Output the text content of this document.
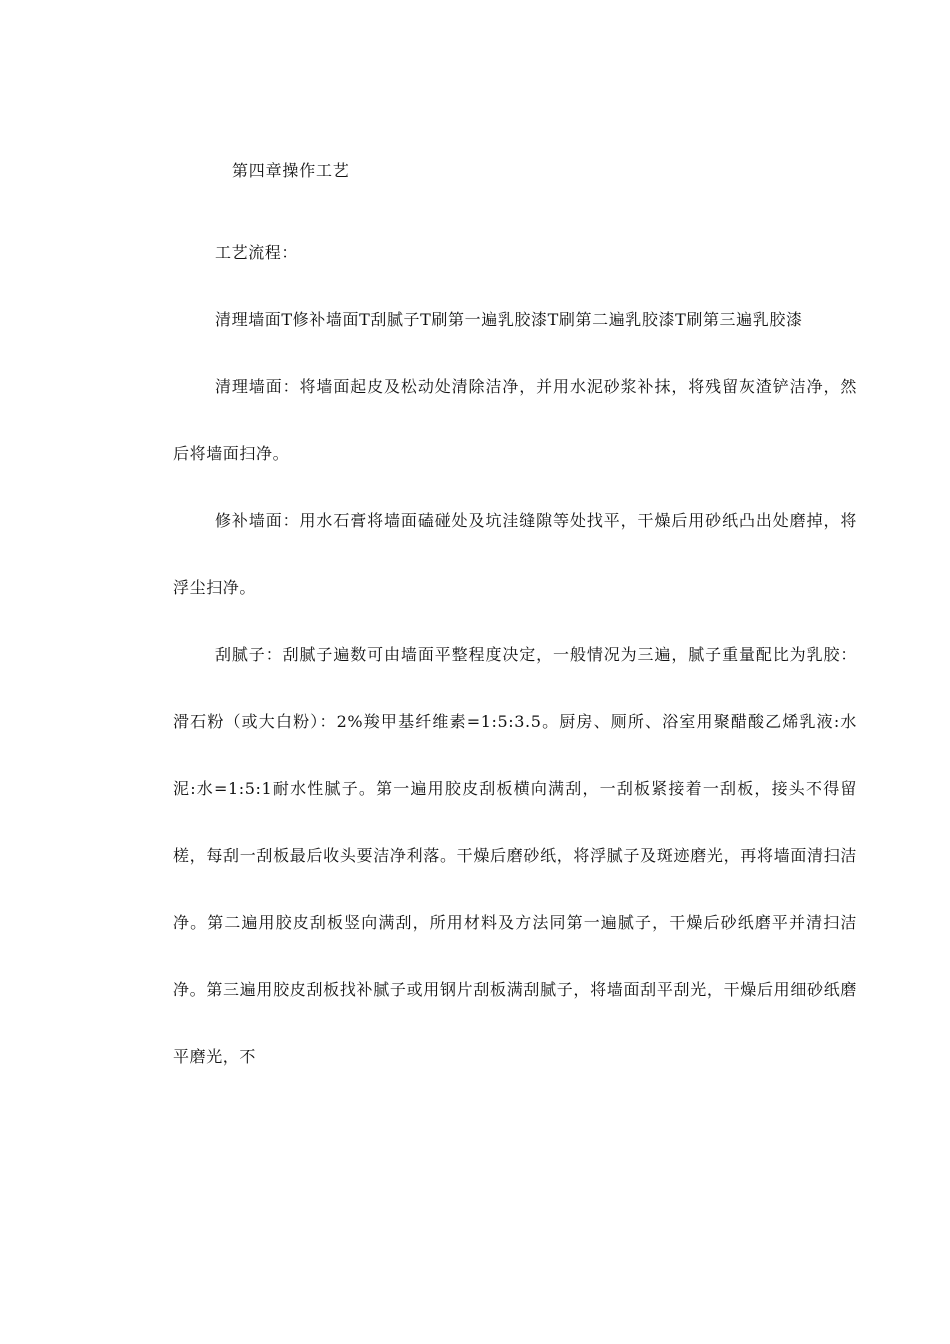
第四章操作工艺

工艺流程：

清理墙面T修补墙面T刮腻子T刷第一遍乳胶漆T刷第二遍乳胶漆T刷第三遍乳胶漆

清理墙面：将墙面起皮及松动处清除洁净，并用水泥砂浆补抹，将残留灰渣铲洁净，然后将墙面扫净。

修补墙面：用水石膏将墙面磕碰处及坑洼缝隙等处找平，干燥后用砂纸凸出处磨掉，将浮尘扫净。

刮腻子：刮腻子遍数可由墙面平整程度决定，一般情况为三遍，腻子重量配比为乳胶：滑石粉（或大白粉）：2%羧甲基纤维素=1:5:3.5。厨房、厕所、浴室用聚醋酸乙烯乳液:水泥:水=1:5:1耐水性腻子。第一遍用胶皮刮板横向满刮，一刮板紧接着一刮板，接头不得留槎，每刮一刮板最后收头要洁净利落。干燥后磨砂纸，将浮腻子及斑迹磨光，再将墙面清扫洁净。第二遍用胶皮刮板竖向满刮，所用材料及方法同第一遍腻子，干燥后砂纸磨平并清扫洁净。第三遍用胶皮刮板找补腻子或用钢片刮板满刮腻子，将墙面刮平刮光，干燥后用细砂纸磨平磨光，不
